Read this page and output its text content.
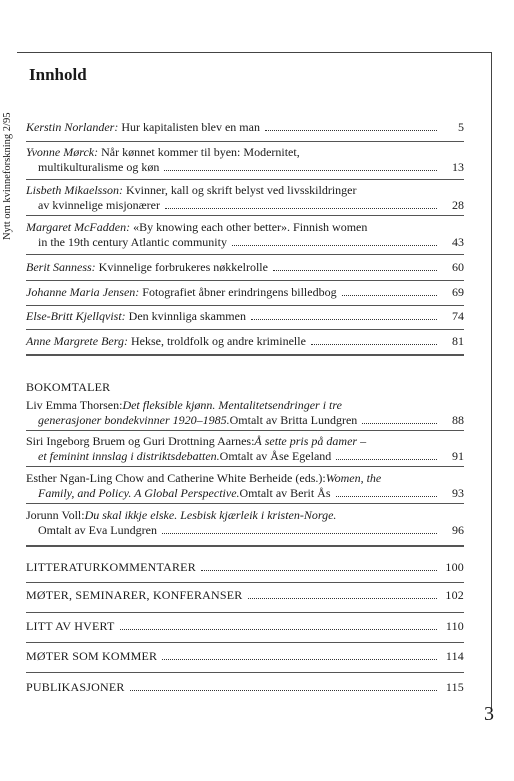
Nytt om kvinneforskning 2/95
Innhold
Kerstin Norlander:
Hur kapitalisten blev en man	5
Yvonne Mørck:
Når kønnet kommer til byen: Modernitet,
multikulturalisme og køn	13
Lisbeth Mikaelsson:
Kvinner, kall og skrift belyst ved livsskildringer
av kvinnelige misjonærer	28
Margaret McFadden:
«By knowing each other better». Finnish women
in the 19th century Atlantic community	43
Berit Sanness:
Kvinnelige forbrukeres nøkkelrolle	60
Johanne Maria Jensen:
Fotografiet åbner erindringens billedbog	69
Else-Britt Kjellqvist:
Den kvinnliga skammen	74
Anne Margrete Berg:
Hekse, troldfolk og andre kriminelle	81
BOKOMTALER
Liv Emma Thorsen: Det fleksible kjønn. Mentalitetsendringer i tre
generasjoner bondekvinner 1920–1985. Omtalt av Britta Lundgren	88
Siri Ingeborg Bruem og Guri Drottning Aarnes: Å sette pris på damer –
et feminint innslag i distriktsdebatten. Omtalt av Åse Egeland	91
Esther Ngan-Ling Chow and Catherine White Berheide (eds.): Women, the
Family, and Policy. A Global Perspective. Omtalt av Berit Ås	93
Jorunn Voll: Du skal ikkje elske. Lesbisk kjærleik i kristen-Norge.
Omtalt av Eva Lundgren	96
LITTERATURKOMMENTARER	100
MØTER, SEMINARER, KONFERANSER	102
LITT AV HVERT	110
MØTER SOM KOMMER	114
PUBLIKASJONER	115
3
